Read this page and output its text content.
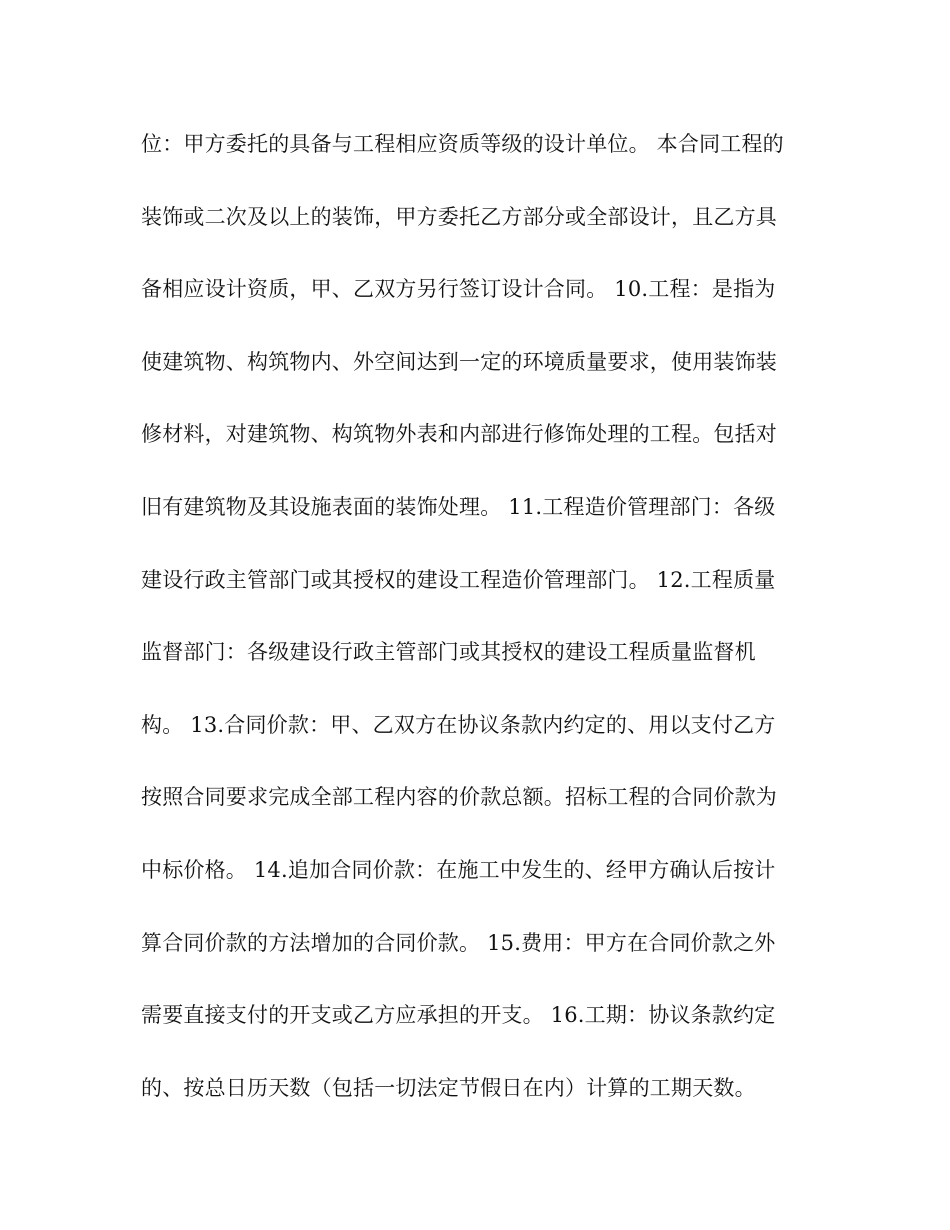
位：甲方委托的具备与工程相应资质等级的设计单位。 本合同工程的
装饰或二次及以上的装饰，甲方委托乙方部分或全部设计，且乙方具
备相应设计资质，甲、乙双方另行签订设计合同。 10.工程：是指为
使建筑物、构筑物内、外空间达到一定的环境质量要求，使用装饰装
修材料，对建筑物、构筑物外表和内部进行修饰处理的工程。包括对
旧有建筑物及其设施表面的装饰处理。 11.工程造价管理部门：各级
建设行政主管部门或其授权的建设工程造价管理部门。 12.工程质量
监督部门：各级建设行政主管部门或其授权的建设工程质量监督机
构。 13.合同价款：甲、乙双方在协议条款内约定的、用以支付乙方
按照合同要求完成全部工程内容的价款总额。招标工程的合同价款为
中标价格。 14.追加合同价款：在施工中发生的、经甲方确认后按计
算合同价款的方法增加的合同价款。 15.费用：甲方在合同价款之外
需要直接支付的开支或乙方应承担的开支。 16.工期：协议条款约定
的、按总日历天数（包括一切法定节假日在内）计算的工期天数。
